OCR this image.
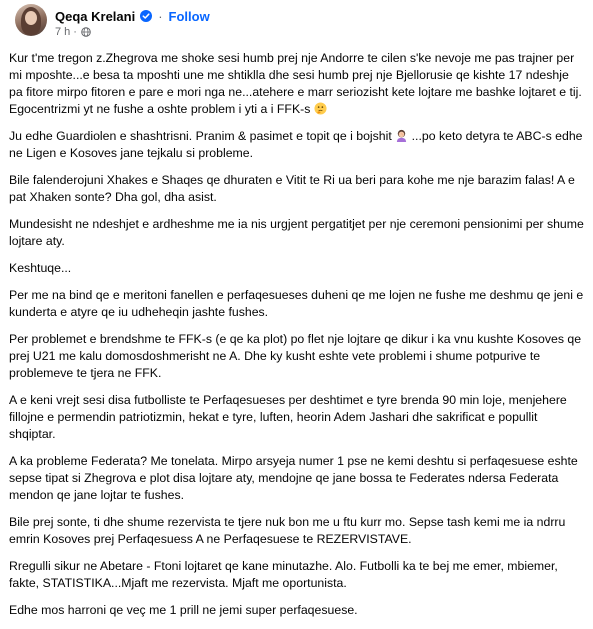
Qeqa Krelani · Follow
7 h ·

Kur t'me tregon z.Zhegrova me shoke sesi humb prej nje Andorre te cilen s'ke nevoje me pas trajner per mi mposhte...e besa ta mposhti une me shtiklla dhe sesi humb prej nje Bjellorusie qe kishte 17 ndeshje pa fitore mirpo fitoren e pare e mori nga ne...atehere e marr seriozisht kete lojtare me bashke lojtaret e tij. Egocentrizmi yt ne fushe a oshte problem i yti a i FFK-s

Ju edhe Guardiolen e shashtrisni. Pranim & pasimet e topit qe i bojshit  ...po keto detyra te ABC-s edhe ne Ligen e Kosoves jane tejkalu si probleme.

Bile falenderojuni Xhakes e Shaqes qe dhuraten e Vitit te Ri ua beri para kohe me nje barazim falas! A e pat Xhaken sonte? Dha gol, dha asist.

Mundesisht ne ndeshjet e ardheshme me ia nis urgjent pergatitjet per nje ceremoni pensionimi per shume lojtare aty.

Keshtuqe...

Per me na bind qe e meritoni fanellen e perfaqesueses duheni qe me lojen ne fushe me deshmu qe jeni e kunderta e atyre qe iu udheheqin jashte fushes.

Per problemet e brendshme te FFK-s (e qe ka plot) po flet nje lojtare qe dikur i ka vnu kushte Kosoves qe prej U21 me kalu domosdoshmerisht ne A. Dhe ky kusht eshte vete problemi i shume potpurive te problemeve te tjera ne FFK.

A e keni vrejt sesi disa futbolliste te Perfaqesueses per deshtimet e tyre brenda 90 min loje, menjehere fillojne e permendin patriotizmin, hekat e tyre, luften, heorin Adem Jashari dhe sakrificat e popullit shqiptar.

A ka probleme Federata? Me tonelata. Mirpo arsyeja numer 1 pse ne kemi deshtu si perfaqesuese eshte sepse tipat si Zhegrova e plot disa lojtare aty, mendojne qe jane bossa te Federates ndersa Federata mendon qe jane lojtar te fushes.

Bile prej sonte, ti dhe shume rezervista te tjere nuk bon me u ftu kurr mo. Sepse tash kemi me ia ndrru emrin Kosoves prej Perfaqesuess A ne Perfaqesuese te REZERVISTAVE.

Rregulli sikur ne Abetare - Ftoni lojtaret qe kane minutazhe. Alo. Futbolli ka te bej me emer, mbiemer, fakte, STATISTIKA...Mjaft me rezervista. Mjaft me oportunista.

Edhe mos harroni qe veç me 1 prill ne jemi super perfaqesuese.
